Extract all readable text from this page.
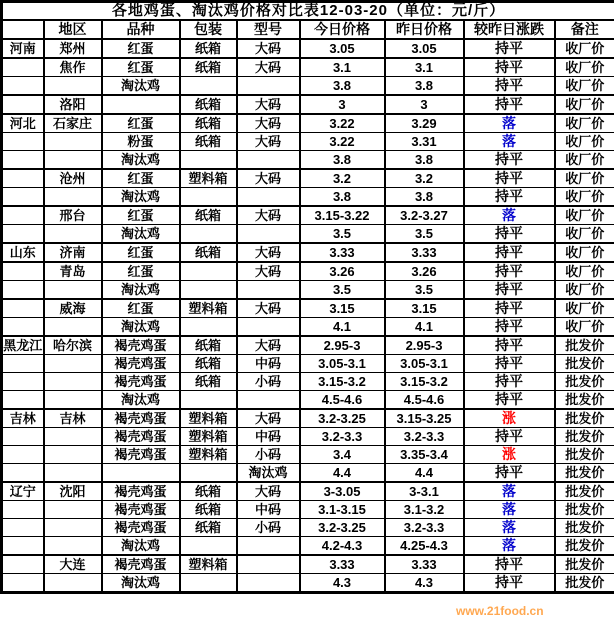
各地鸡蛋、淘汰鸡价格对比表12-03-20（单位：元/斤）								
	地区	品种	包装	型号	今日价格	昨日价格	较昨日涨跌	备注
河南	郑州	红蛋	纸箱	大码	3.05	3.05	持平	收厂价
	焦作	红蛋	纸箱	大码	3.1	3.1	持平	收厂价
		淘汰鸡			3.8	3.8	持平	收厂价
	洛阳		纸箱	大码	3	3	持平	收厂价
河北	石家庄	红蛋	纸箱	大码	3.22	3.29	落	收厂价
		粉蛋	纸箱	大码	3.22	3.31	落	收厂价
		淘汰鸡			3.8	3.8	持平	收厂价
	沧州	红蛋	塑料箱	大码	3.2	3.2	持平	收厂价
		淘汰鸡			3.8	3.8	持平	收厂价
	邢台	红蛋	纸箱	大码	3.15-3.22	3.2-3.27	落	收厂价
		淘汰鸡			3.5	3.5	持平	收厂价
山东	济南	红蛋	纸箱	大码	3.33	3.33	持平	收厂价
	青岛	红蛋		大码	3.26	3.26	持平	收厂价
		淘汰鸡			3.5	3.5	持平	收厂价
	威海	红蛋	塑料箱	大码	3.15	3.15	持平	收厂价
		淘汰鸡			4.1	4.1	持平	收厂价
黑龙江	哈尔滨	褐壳鸡蛋	纸箱	大码	2.95-3	2.95-3	持平	批发价
		褐壳鸡蛋	纸箱	中码	3.05-3.1	3.05-3.1	持平	批发价
		褐壳鸡蛋	纸箱	小码	3.15-3.2	3.15-3.2	持平	批发价
		淘汰鸡			4.5-4.6	4.5-4.6	持平	批发价
吉林	吉林	褐壳鸡蛋	塑料箱	大码	3.2-3.25	3.15-3.25	涨	批发价
		褐壳鸡蛋	塑料箱	中码	3.2-3.3	3.2-3.3	持平	批发价
		褐壳鸡蛋	塑料箱	小码	3.4	3.35-3.4	涨	批发价
				淘汰鸡	4.4	4.4	持平	批发价
辽宁	沈阳	褐壳鸡蛋	纸箱	大码	3-3.05	3-3.1	落	批发价
		褐壳鸡蛋	纸箱	中码	3.1-3.15	3.1-3.2	落	批发价
		褐壳鸡蛋	纸箱	小码	3.2-3.25	3.2-3.3	落	批发价
		淘汰鸡			4.2-4.3	4.25-4.3	落	批发价
	大连	褐壳鸡蛋	塑料箱		3.33	3.33	持平	批发价
		淘汰鸡			4.3	4.3	持平	批发价
www.21food.cn
